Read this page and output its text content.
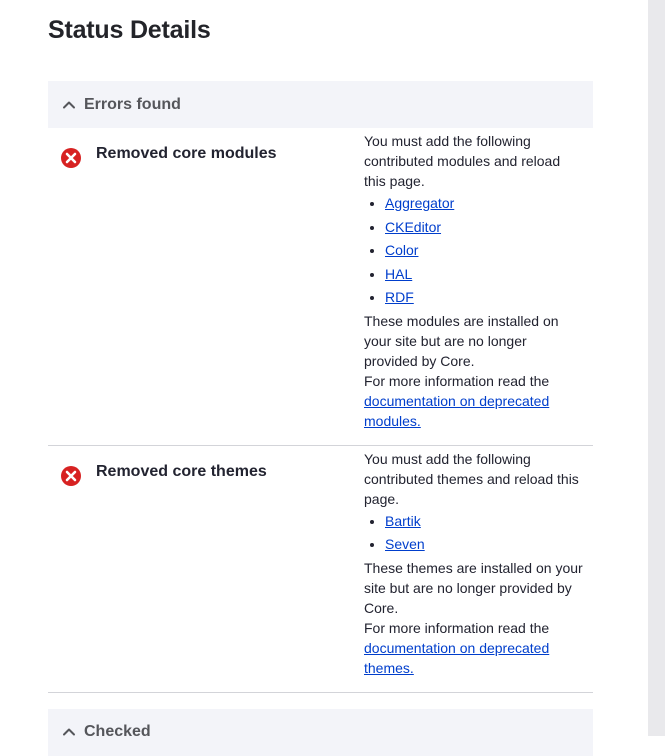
Status Details
Errors found
Removed core modules

You must add the following contributed modules and reload this page.

• Aggregator
• CKEditor
• Color
• HAL
• RDF

These modules are installed on your site but are no longer provided by Core.

For more information read the
documentation on deprecated modules.

Removed core themes

You must add the following contributed themes and reload this page.

• Bartik
• Seven

These themes are installed on your site but are no longer provided by Core.

For more information read the
documentation on deprecated themes.

Checked
